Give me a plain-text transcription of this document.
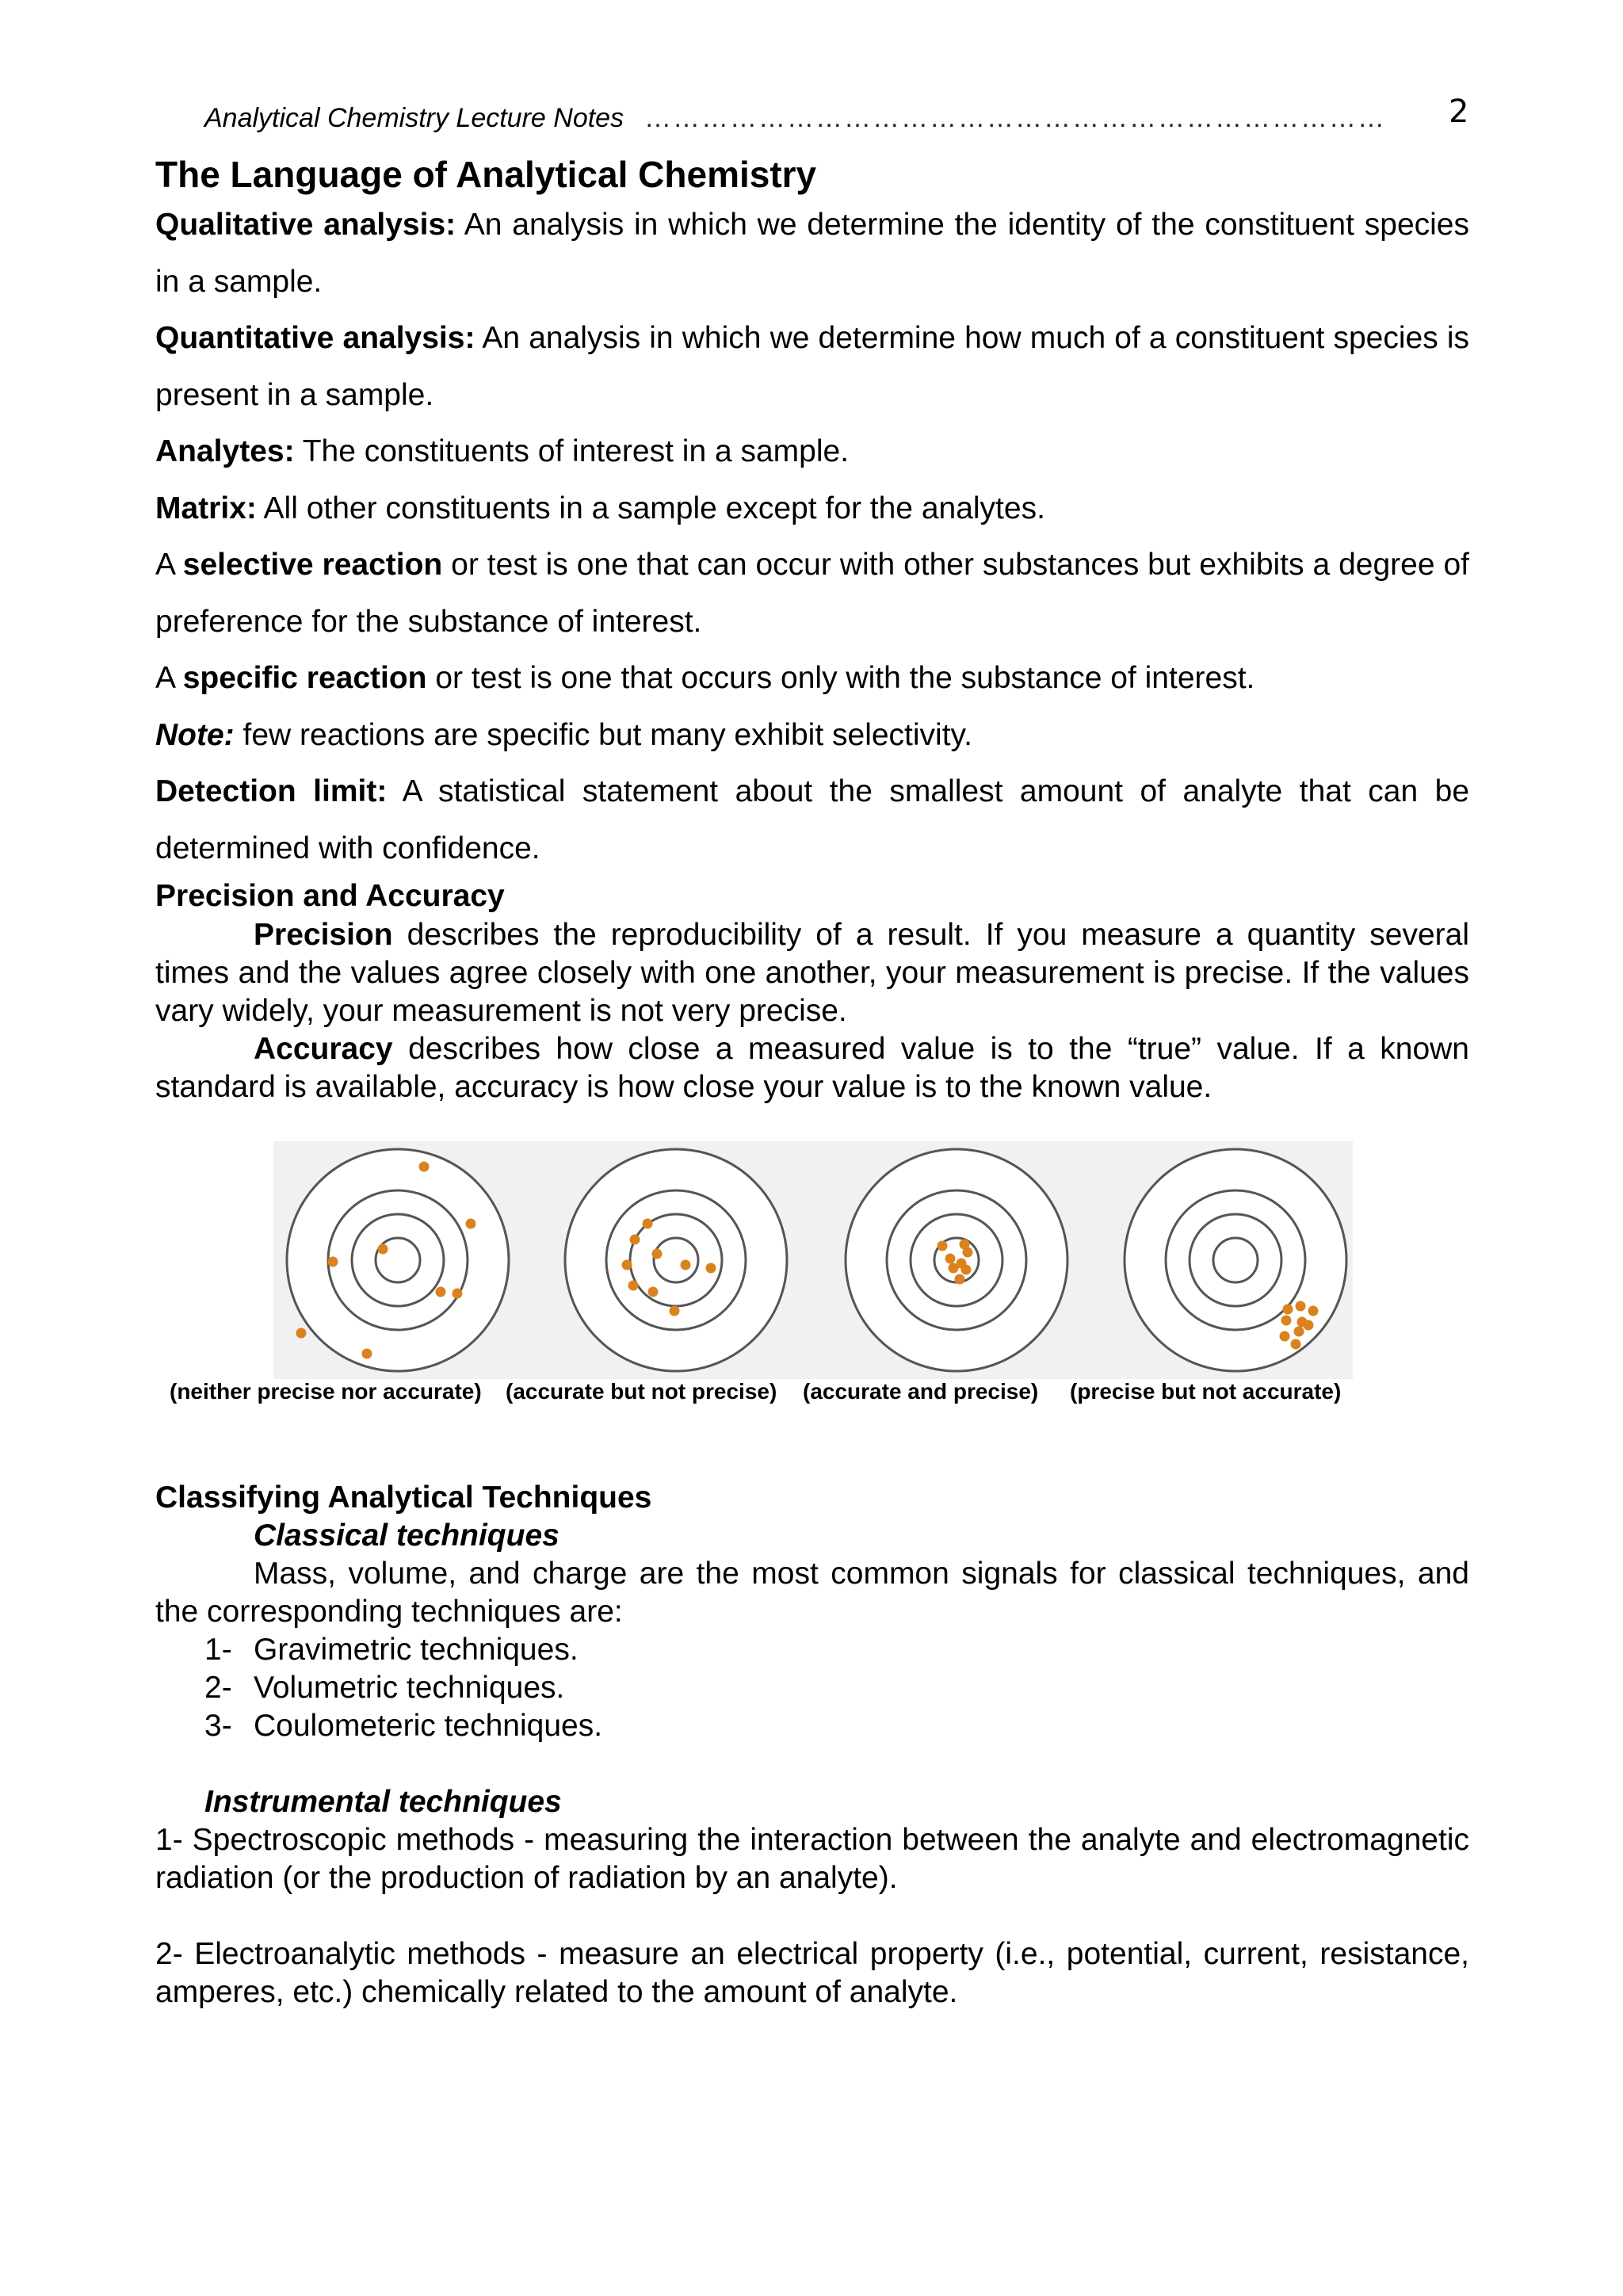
Analytical Chemistry Lecture Notes …………………………………………………………………… 2
The Language of Analytical Chemistry

Qualitative analysis: An analysis in which we determine the identity of the constituent species in a sample.

Quantitative analysis: An analysis in which we determine how much of a constituent species is present in a sample.

Analytes: The constituents of interest in a sample.

Matrix: All other constituents in a sample except for the analytes.

A selective reaction or test is one that can occur with other substances but exhibits a degree of preference for the substance of interest.

A specific reaction or test is one that occurs only with the substance of interest.

Note: few reactions are specific but many exhibit selectivity.

Detection limit: A statistical statement about the smallest amount of analyte that can be determined with confidence.

Precision and Accuracy

Precision describes the reproducibility of a result. If you measure a quantity several times and the values agree closely with one another, your measurement is precise. If the values vary widely, your measurement is not very precise.

Accuracy describes how close a measured value is to the “true” value. If a known standard is available, accuracy is how close your value is to the known value.

(neither precise nor accurate) (accurate but not precise) (accurate and precise) (precise but not accurate)

Classifying Analytical Techniques

Classical techniques

Mass, volume, and charge are the most common signals for classical techniques, and the corresponding techniques are:

1- Gravimetric techniques.

2- Volumetric techniques.

3- Coulometeric techniques.

Instrumental techniques

1- Spectroscopic methods - measuring the interaction between the analyte and electromagnetic radiation (or the production of radiation by an analyte).

2- Electroanalytic methods - measure an electrical property (i.e., potential, current, resistance, amperes, etc.) chemically related to the amount of analyte.
